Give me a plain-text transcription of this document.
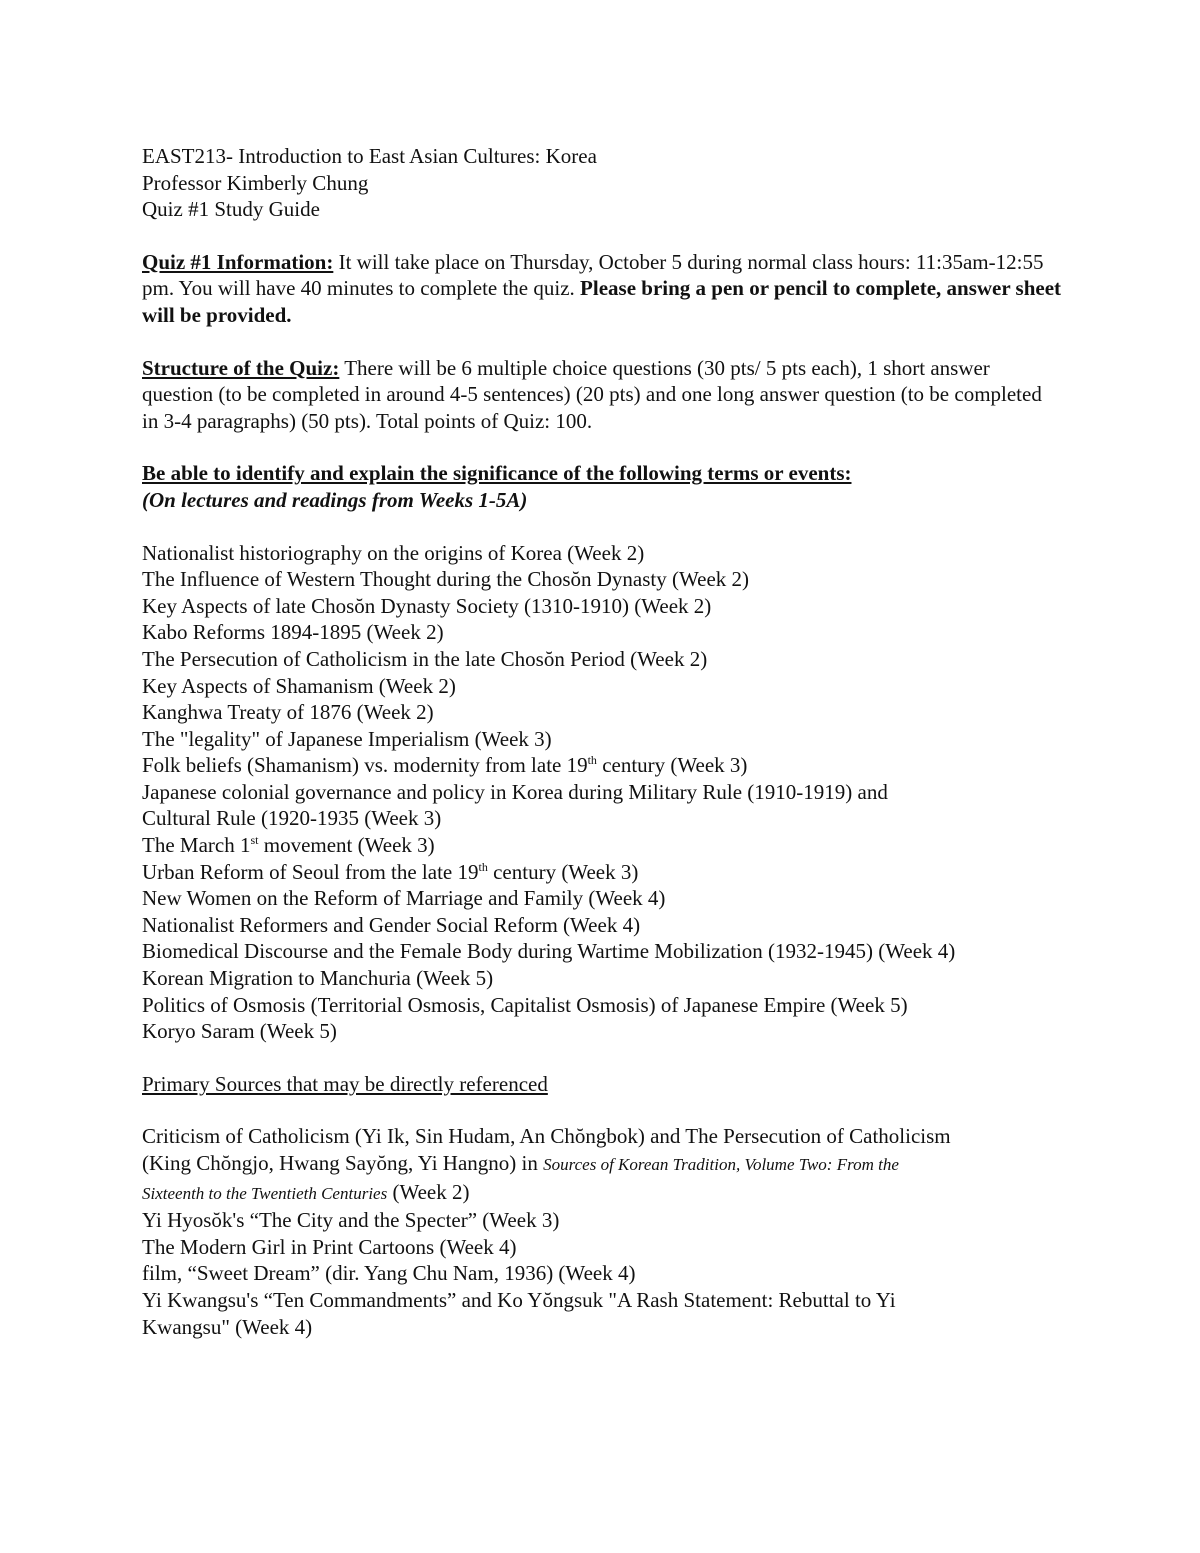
EAST213- Introduction to East Asian Cultures: Korea
Professor Kimberly Chung
Quiz #1 Study Guide
Quiz #1 Information: It will take place on Thursday, October 5 during normal class hours: 11:35am-12:55 pm. You will have 40 minutes to complete the quiz. Please bring a pen or pencil to complete, answer sheet will be provided.
Structure of the Quiz: There will be 6 multiple choice questions (30 pts/ 5 pts each), 1 short answer question (to be completed in around 4-5 sentences) (20 pts) and one long answer question (to be completed in 3-4 paragraphs) (50 pts). Total points of Quiz: 100.
Be able to identify and explain the significance of the following terms or events:
(On lectures and readings from Weeks 1-5A)
Nationalist historiography on the origins of Korea (Week 2)
The Influence of Western Thought during the Chosŏn Dynasty (Week 2)
Key Aspects of late Chosŏn Dynasty Society (1310-1910) (Week 2)
Kabo Reforms 1894-1895 (Week 2)
The Persecution of Catholicism in the late Chosŏn Period (Week 2)
Key Aspects of Shamanism (Week 2)
Kanghwa Treaty of 1876 (Week 2)
The "legality" of Japanese Imperialism (Week 3)
Folk beliefs (Shamanism) vs. modernity from late 19th century (Week 3)
Japanese colonial governance and policy in Korea during Military Rule (1910-1919) and
Cultural Rule (1920-1935 (Week 3)
The March 1st movement (Week 3)
Urban Reform of Seoul from the late 19th century (Week 3)
New Women on the Reform of Marriage and Family (Week 4)
Nationalist Reformers and Gender Social Reform (Week 4)
Biomedical Discourse and the Female Body during Wartime Mobilization (1932-1945) (Week 4)
Korean Migration to Manchuria (Week 5)
Politics of Osmosis (Territorial Osmosis, Capitalist Osmosis) of Japanese Empire (Week 5)
Koryo Saram (Week 5)
Primary Sources that may be directly referenced
Criticism of Catholicism (Yi Ik, Sin Hudam, An Chŏngbok) and The Persecution of Catholicism
(King Chŏngjo, Hwang Sayŏng, Yi Hangno) in Sources of Korean Tradition, Volume Two: From the
Sixteenth to the Twentieth Centuries (Week 2)
Yi Hyosŏk's “The City and the Specter” (Week 3)
The Modern Girl in Print Cartoons (Week 4)
film, “Sweet Dream” (dir. Yang Chu Nam, 1936) (Week 4)
Yi Kwangsu's “Ten Commandments” and Ko Yŏngsuk "A Rash Statement: Rebuttal to Yi
Kwangsu" (Week 4)
